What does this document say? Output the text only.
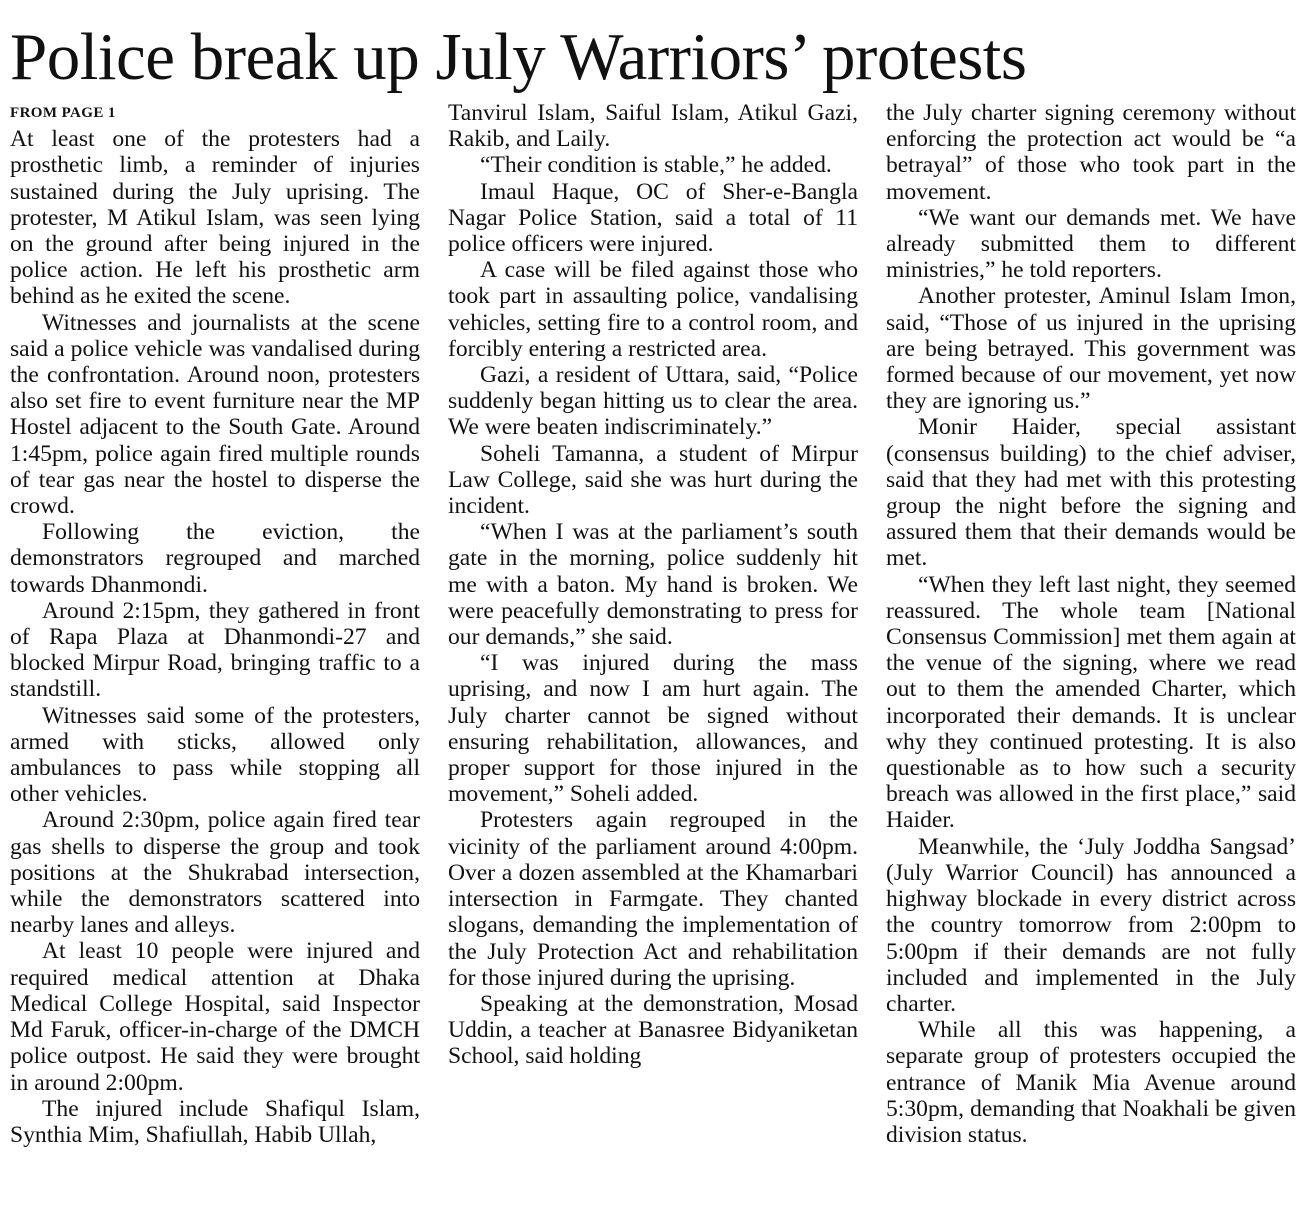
Police break up July Warriors’ protests
FROM PAGE 1

At least one of the protesters had a prosthetic limb, a reminder of injuries sustained during the July uprising. The protester, M Atikul Islam, was seen lying on the ground after being injured in the police action. He left his prosthetic arm behind as he exited the scene.

Witnesses and journalists at the scene said a police vehicle was vandalised during the confrontation. Around noon, protesters also set fire to event furniture near the MP Hostel adjacent to the South Gate. Around 1:45pm, police again fired multiple rounds of tear gas near the hostel to disperse the crowd.

Following the eviction, the demonstrators regrouped and marched towards Dhanmondi.

Around 2:15pm, they gathered in front of Rapa Plaza at Dhanmondi-27 and blocked Mirpur Road, bringing traffic to a standstill.

Witnesses said some of the protesters, armed with sticks, allowed only ambulances to pass while stopping all other vehicles.

Around 2:30pm, police again fired tear gas shells to disperse the group and took positions at the Shukrabad intersection, while the demonstrators scattered into nearby lanes and alleys.

At least 10 people were injured and required medical attention at Dhaka Medical College Hospital, said Inspector Md Faruk, officer-in-charge of the DMCH police outpost. He said they were brought in around 2:00pm.

The injured include Shafiqul Islam, Synthia Mim, Shafiullah, Habib Ullah,

Tanvirul Islam, Saiful Islam, Atikul Gazi, Rakib, and Laily.

“Their condition is stable,” he added.

Imaul Haque, OC of Sher-e-Bangla Nagar Police Station, said a total of 11 police officers were injured.

A case will be filed against those who took part in assaulting police, vandalising vehicles, setting fire to a control room, and forcibly entering a restricted area.

Gazi, a resident of Uttara, said, “Police suddenly began hitting us to clear the area. We were beaten indiscriminately.”

Soheli Tamanna, a student of Mirpur Law College, said she was hurt during the incident.

“When I was at the parliament’s south gate in the morning, police suddenly hit me with a baton. My hand is broken. We were peacefully demonstrating to press for our demands,” she said.

“I was injured during the mass uprising, and now I am hurt again. The July charter cannot be signed without ensuring rehabilitation, allowances, and proper support for those injured in the movement,” Soheli added.

Protesters again regrouped in the vicinity of the parliament around 4:00pm. Over a dozen assembled at the Khamarbari intersection in Farmgate. They chanted slogans, demanding the implementation of the July Protection Act and rehabilitation for those injured during the uprising.

Speaking at the demonstration, Mosad Uddin, a teacher at Banasree Bidyaniketan School, said holding

the July charter signing ceremony without enforcing the protection act would be “a betrayal” of those who took part in the movement.

“We want our demands met. We have already submitted them to different ministries,” he told reporters.

Another protester, Aminul Islam Imon, said, “Those of us injured in the uprising are being betrayed. This government was formed because of our movement, yet now they are ignoring us.”

Monir Haider, special assistant (consensus building) to the chief adviser, said that they had met with this protesting group the night before the signing and assured them that their demands would be met.

“When they left last night, they seemed reassured. The whole team [National Consensus Commission] met them again at the venue of the signing, where we read out to them the amended Charter, which incorporated their demands. It is unclear why they continued protesting. It is also questionable as to how such a security breach was allowed in the first place,” said Haider.

Meanwhile, the ‘July Joddha Sangsad’ (July Warrior Council) has announced a highway blockade in every district across the country tomorrow from 2:00pm to 5:00pm if their demands are not fully included and implemented in the July charter.

While all this was happening, a separate group of protesters occupied the entrance of Manik Mia Avenue around 5:30pm, demanding that Noakhali be given division status.
